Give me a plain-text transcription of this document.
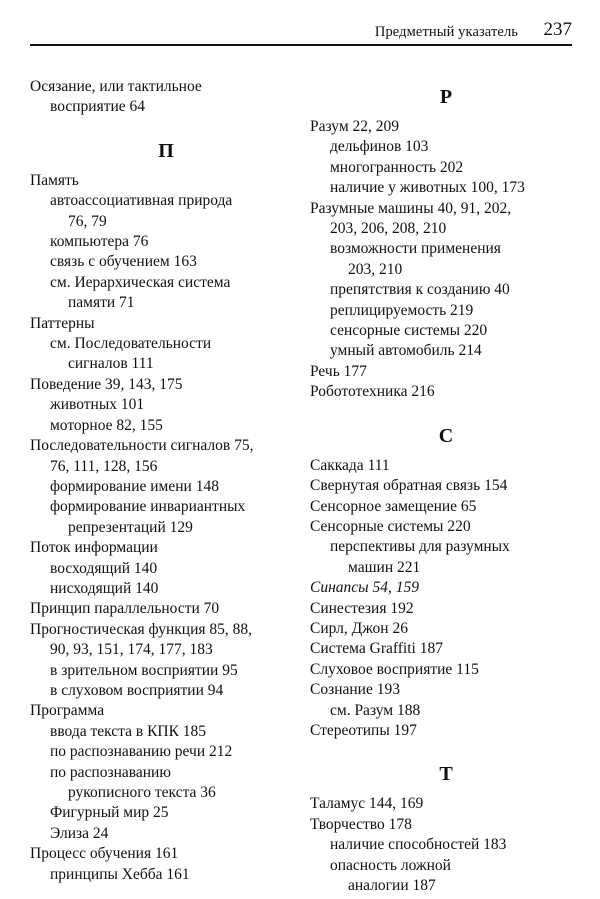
Предметный указатель 237
Осязание, или тактильное
восприятие 64
П
Память
автоассоциативная природа
76, 79
компьютера 76
связь с обучением 163
см. Иерархическая система
памяти 71
Паттерны
см. Последовательности
сигналов 111
Поведение 39, 143, 175
животных 101
моторное 82, 155
Последовательности сигналов 75,
76, 111, 128, 156
формирование имени 148
формирование инвариантных
репрезентаций 129
Поток информации
восходящий 140
нисходящий 140
Принцип параллельности 70
Прогностическая функция 85, 88,
90, 93, 151, 174, 177, 183
в зрительном восприятии 95
в слуховом восприятии 94
Программа
ввода текста в КПК 185
по распознаванию речи 212
по распознаванию
рукописного текста 36
Фигурный мир 25
Элиза 24
Процесс обучения 161
принципы Хебба 161
Р
Разум 22, 209
дельфинов 103
многогранность 202
наличие у животных 100, 173
Разумные машины 40, 91, 202,
203, 206, 208, 210
возможности применения
203, 210
препятствия к созданию 40
реплицируемость 219
сенсорные системы 220
умный автомобиль 214
Речь 177
Робототехника 216
С
Саккада 111
Свернутая обратная связь 154
Сенсорное замещение 65
Сенсорные системы 220
перспективы для разумных
машин 221
Синапсы 54, 159
Синестезия 192
Сирл, Джон 26
Система Graffiti 187
Слуховое восприятие 115
Сознание 193
см. Разум 188
Стереотипы 197
Т
Таламус 144, 169
Творчество 178
наличие способностей 183
опасность ложной
аналогии 187
